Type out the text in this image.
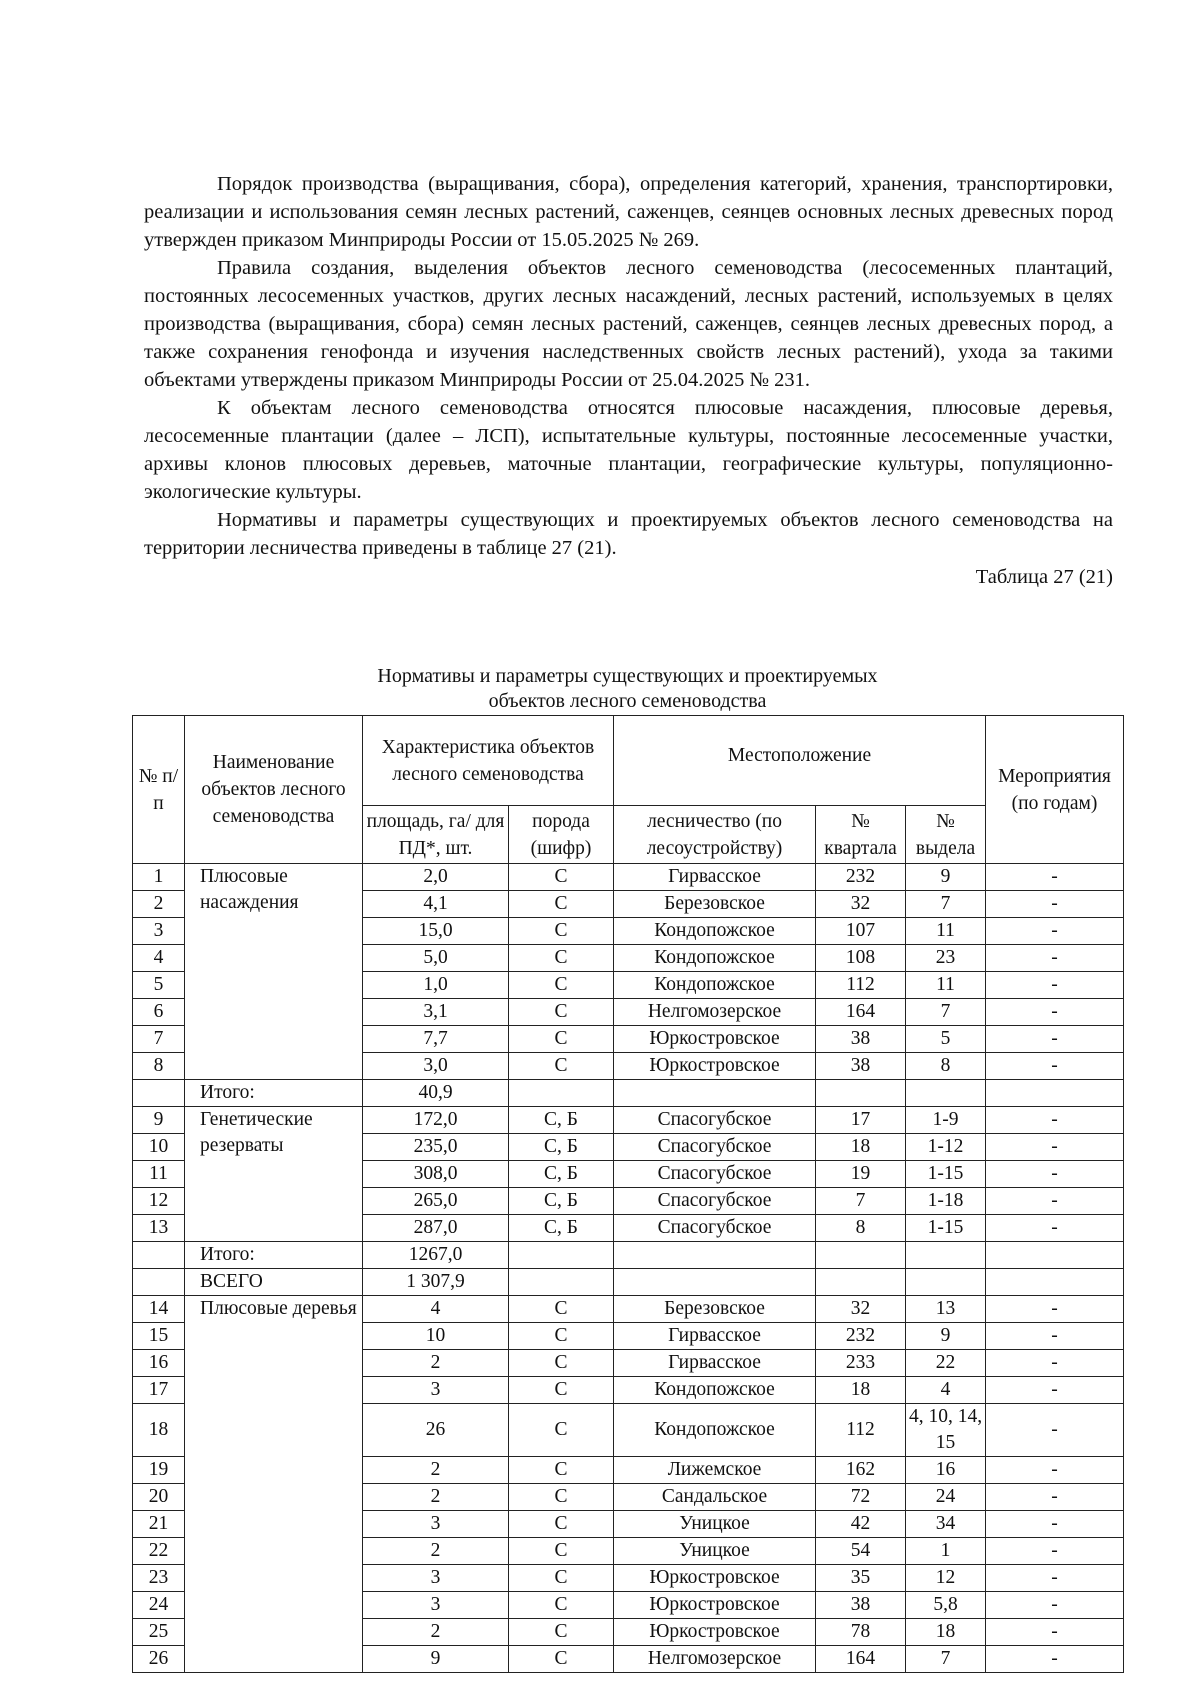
Порядок производства (выращивания, сбора), определения категорий, хранения, транспортировки, реализации и использования семян лесных растений, саженцев, сеянцев основных лесных древесных пород утвержден приказом Минприроды России от 15.05.2025 № 269.

Правила создания, выделения объектов лесного семеноводства (лесосеменных плантаций, постоянных лесосеменных участков, других лесных насаждений, лесных растений, используемых в целях производства (выращивания, сбора) семян лесных растений, саженцев, сеянцев лесных древесных пород, а также сохранения генофонда и изучения наследственных свойств лесных растений), ухода за такими объектами утверждены приказом Минприроды России от 25.04.2025 № 231.

К объектам лесного семеноводства относятся плюсовые насаждения, плюсовые деревья, лесосеменные плантации (далее – ЛСП), испытательные культуры, постоянные лесосеменные участки, архивы клонов плюсовых деревьев, маточные плантации, географические культуры, популяционно-экологические культуры.

Нормативы и параметры существующих и проектируемых объектов лесного семеноводства на территории лесничества приведены в таблице 27 (21).

Таблица 27 (21)
Нормативы и параметры существующих и проектируемых
объектов лесного семеноводства
№ п/п	Наименование объектов лесного семеноводства	Характеристика объектов лесного семеноводства		Местоположение			Мероприятия (по годам)
		площадь, га/ для ПД*, шт.	порода (шифр)	лесничество (по лесоустройству)	№ квартала	№ выдела	
1	Плюсовые насаждения	2,0	С	Гирвасское	232	9	-
2		4,1	С	Березовское	32	7	-
3		15,0	С	Кондопожское	107	11	-
4		5,0	С	Кондопожское	108	23	-
5		1,0	С	Кондопожское	112	11	-
6		3,1	С	Нелгомозерское	164	7	-
7		7,7	С	Юркостровское	38	5	-
8		3,0	С	Юркостровское	38	8	-
	Итого:	40,9					
9	Генетические резерваты	172,0	С, Б	Спасогубское	17	1-9	-
10		235,0	С, Б	Спасогубское	18	1-12	-
11		308,0	С, Б	Спасогубское	19	1-15	-
12		265,0	С, Б	Спасогубское	7	1-18	-
13		287,0	С, Б	Спасогубское	8	1-15	-
	Итого:	1267,0					
	ВСЕГО	1 307,9					
14	Плюсовые деревья	4	С	Березовское	32	13	-
15		10	С	Гирвасское	232	9	-
16		2	С	Гирвасское	233	22	-
17		3	С	Кондопожское	18	4	-
18		26	С	Кондопожское	112	4, 10, 14, 15	-
19		2	С	Лижемское	162	16	-
20		2	С	Сандальское	72	24	-
21		3	С	Уницкое	42	34	-
22		2	С	Уницкое	54	1	-
23		3	С	Юркостровское	35	12	-
24		3	С	Юркостровское	38	5,8	-
25		2	С	Юркостровское	78	18	-
26		9	С	Нелгомозерское	164	7	-
